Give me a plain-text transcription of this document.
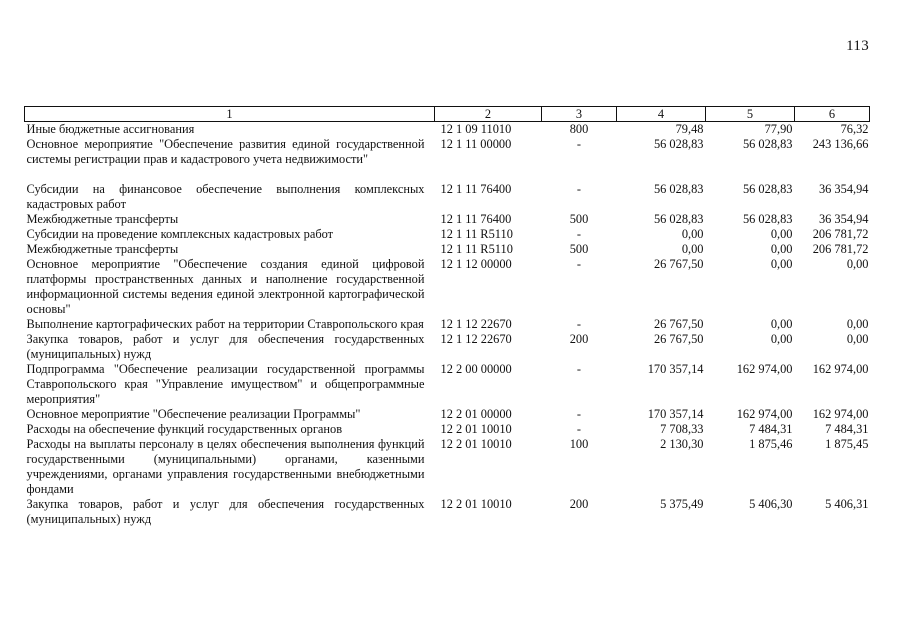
113
1	2	3	4	5	6
Иные бюджетные ассигнования	12 1 09 11010	800	79,48	77,90	76,32
Основное мероприятие "Обеспечение развития единой государственной системы регистрации прав и кадастрового учета недвижимости"	12 1 11 00000	-	56 028,83	56 028,83	243 136,66

Субсидии на финансовое обеспечение выполнения комплексных кадастровых работ	12 1 11 76400	-	56 028,83	56 028,83	36 354,94
Межбюджетные трансферты	12 1 11 76400	500	56 028,83	56 028,83	36 354,94
Субсидии на проведение комплексных кадастровых работ	12 1 11 R5110	-	0,00	0,00	206 781,72
Межбюджетные трансферты	12 1 11 R5110	500	0,00	0,00	206 781,72
Основное мероприятие "Обеспечение создания единой цифровой платформы пространственных данных и наполнение государственной информационной системы ведения единой электронной картографической основы"	12 1 12 00000	-	26 767,50	0,00	0,00
Выполнение картографических работ на территории Ставропольского края	12 1 12 22670	-	26 767,50	0,00	0,00
Закупка товаров, работ и услуг для обеспечения государственных (муниципальных) нужд	12 1 12 22670	200	26 767,50	0,00	0,00
Подпрограмма "Обеспечение реализации государственной программы Ставропольского края "Управление имуществом" и общепрограммные мероприятия"	12 2 00 00000	-	170 357,14	162 974,00	162 974,00
Основное мероприятие "Обеспечение реализации Программы"	12 2 01 00000	-	170 357,14	162 974,00	162 974,00
Расходы на обеспечение функций государственных органов	12 2 01 10010	-	7 708,33	7 484,31	7 484,31
Расходы на выплаты персоналу в целях обеспечения выполнения функций государственными (муниципальными) органами, казенными учреждениями, органами управления государственными внебюджетными фондами	12 2 01 10010	100	2 130,30	1 875,46	1 875,45
Закупка товаров, работ и услуг для обеспечения государственных (муниципальных) нужд	12 2 01 10010	200	5 375,49	5 406,30	5 406,31
